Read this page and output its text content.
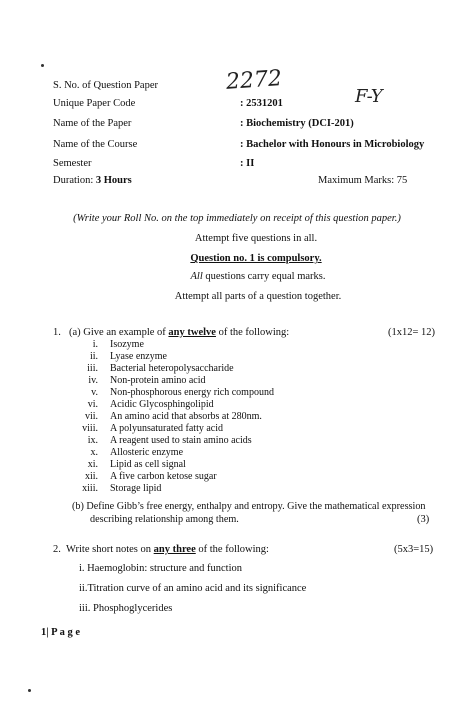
2272
F-Y
S. No. of Question Paper
Unique Paper Code	: 2531201
Name of the Paper	: Biochemistry (DCI-201)
Name of the Course	: Bachelor with Honours in Microbiology
Semester	: II
Duration: 3 Hours	Maximum Marks: 75
(Write your Roll No. on the top immediately on receipt of this question paper.)
Attempt five questions in all.
Question no. 1 is compulsory.
All questions carry equal marks.
Attempt all parts of a question together.
1. (a) Give an example of any twelve of the following:	(1x12= 12)
i. Isozyme
ii. Lyase enzyme
iii. Bacterial heteropolysaccharide
iv. Non-protein amino acid
v. Non-phosphorous energy rich compound
vi. Acidic Glycosphingolipid
vii. An amino acid that absorbs at 280nm.
viii. A polyunsaturated fatty acid
ix. A reagent used to stain amino acids
x. Allosteric enzyme
xi. Lipid as cell signal
xii. A five carbon ketose sugar
xiii. Storage lipid
(b) Define Gibb’s free energy, enthalpy and entropy. Give the mathematical expression
describing relationship among them.	(3)
2. Write short notes on any three of the following:	(5x3=15)
i. Haemoglobin: structure and function
ii.Titration curve of an amino acid and its significance
iii. Phosphoglycerides
1| P a g e
